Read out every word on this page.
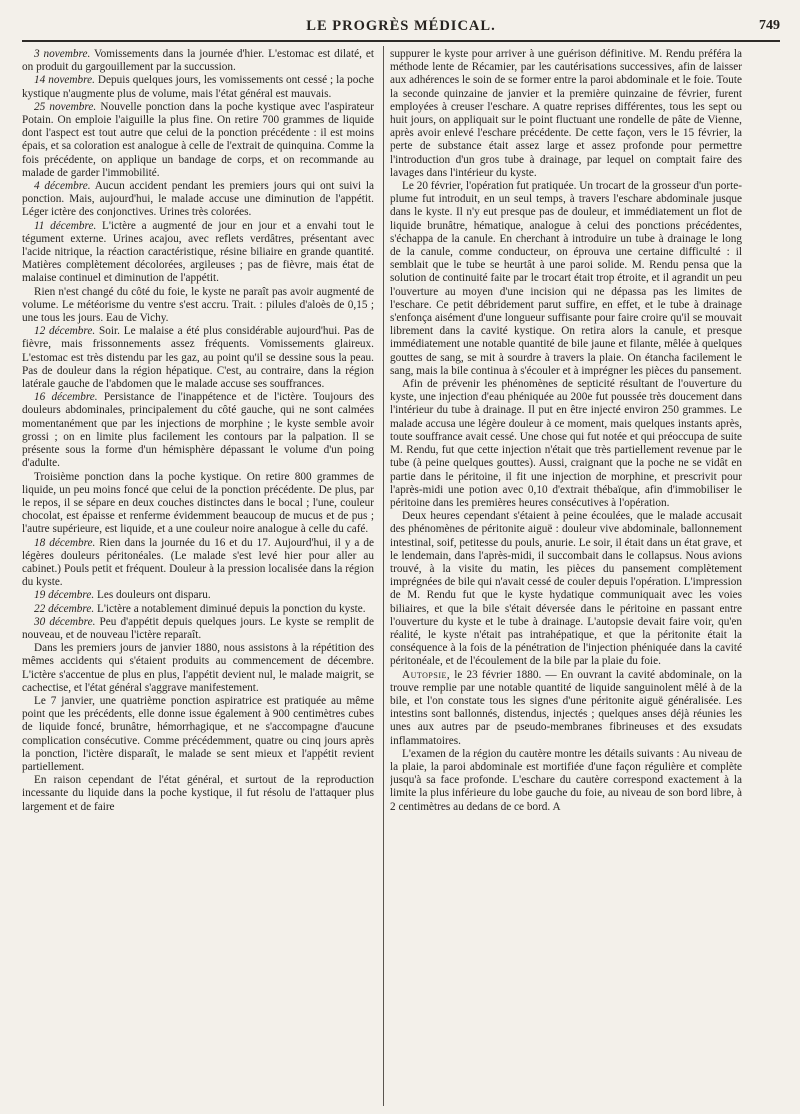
LE PROGRÈS MÉDICAL.	749

3 novembre. Vomissements dans la journée d'hier. L'estomac est dilaté, et on produit du gargouillement par la succussion.

14 novembre. Depuis quelques jours, les vomissements ont cessé ; la poche kystique n'augmente plus de volume, mais l'état général est mauvais.

25 novembre. Nouvelle ponction dans la poche kystique avec l'aspirateur Potain. On emploie l'aiguille la plus fine. On retire 700 grammes de liquide dont l'aspect est tout autre que celui de la ponction précédente : il est moins épais, et sa coloration est analogue à celle de l'extrait de quinquina. Comme la fois précédente, on applique un bandage de corps, et on recommande au malade de garder l'immobilité.

4 décembre. Aucun accident pendant les premiers jours qui ont suivi la ponction. Mais, aujourd'hui, le malade accuse une diminution de l'appétit. Léger ictère des conjonctives. Urines très colorées.

11 décembre. L'ictère a augmenté de jour en jour et a envahi tout le tégument externe. Urines acajou, avec reflets verdâtres, présentant avec l'acide nitrique, la réaction caractéristique, résine biliaire en grande quantité. Matières complètement décolorées, argileuses ; pas de fièvre, mais état de malaise continuel et diminution de l'appétit.

Rien n'est changé du côté du foie, le kyste ne paraît pas avoir augmenté de volume. Le météorisme du ventre s'est accru. Trait. : pilules d'aloès de 0,15 ; une tous les jours. Eau de Vichy.

12 décembre. Soir. Le malaise a été plus considérable aujourd'hui. Pas de fièvre, mais frissonnements assez fréquents. Vomissements glaireux. L'estomac est très distendu par les gaz, au point qu'il se dessine sous la peau. Pas de douleur dans la région hépatique. C'est, au contraire, dans la région latérale gauche de l'abdomen que le malade accuse ses souffrances.

16 décembre. Persistance de l'inappétence et de l'ictère. Toujours des douleurs abdominales, principalement du côté gauche, qui ne sont calmées momentanément que par les injections de morphine ; le kyste semble avoir grossi ; on en limite plus facilement les contours par la palpation. Il se présente sous la forme d'un hémisphère dépassant le volume d'un poing d'adulte.

Troisième ponction dans la poche kystique. On retire 800 grammes de liquide, un peu moins foncé que celui de la ponction précédente. De plus, par le repos, il se sépare en deux couches distinctes dans le bocal ; l'une, couleur chocolat, est épaisse et renferme évidemment beaucoup de mucus et de pus ; l'autre supérieure, est liquide, et a une couleur noire analogue à celle du café.

18 décembre. Rien dans la journée du 16 et du 17. Aujourd'hui, il y a de légères douleurs péritonéales. (Le malade s'est levé hier pour aller au cabinet.) Pouls petit et fréquent. Douleur à la pression localisée dans la région du kyste.

19 décembre. Les douleurs ont disparu.

22 décembre. L'ictère a notablement diminué depuis la ponction du kyste.

30 décembre. Peu d'appétit depuis quelques jours. Le kyste se remplit de nouveau, et de nouveau l'ictère reparaît.

Dans les premiers jours de janvier 1880, nous assistons à la répétition des mêmes accidents qui s'étaient produits au commencement de décembre. L'ictère s'accentue de plus en plus, l'appétit devient nul, le malade maigrit, se cachectise, et l'état général s'aggrave manifestement.

Le 7 janvier, une quatrième ponction aspiratrice est pratiquée au même point que les précédents, elle donne issue également à 900 centimètres cubes de liquide foncé, brunâtre, hémorrhagique, et ne s'accompagne d'aucune complication consécutive. Comme précédemment, quatre ou cinq jours après la ponction, l'ictère disparaît, le malade se sent mieux et l'appétit revient partiellement.

En raison cependant de l'état général, et surtout de la reproduction incessante du liquide dans la poche kystique, il fut résolu de l'attaquer plus largement et de faire

suppurer le kyste pour arriver à une guérison définitive. M. Rendu préféra la méthode lente de Récamier, par les cautérisations successives, afin de laisser aux adhérences le soin de se former entre la paroi abdominale et le foie. Toute la seconde quinzaine de janvier et la première quinzaine de février, furent employées à creuser l'eschare. A quatre reprises différentes, tous les sept ou huit jours, on appliquait sur le point fluctuant une rondelle de pâte de Vienne, après avoir enlevé l'eschare précédente. De cette façon, vers le 15 février, la perte de substance était assez large et assez profonde pour permettre l'introduction d'un gros tube à drainage, par lequel on comptait faire des lavages dans l'intérieur du kyste.

Le 20 février, l'opération fut pratiquée. Un trocart de la grosseur d'un porte-plume fut introduit, en un seul temps, à travers l'eschare abdominale jusque dans le kyste. Il n'y eut presque pas de douleur, et immédiatement un flot de liquide brunâtre, hématique, analogue à celui des ponctions précédentes, s'échappa de la canule. En cherchant à introduire un tube à drainage le long de la canule, comme conducteur, on éprouva une certaine difficulté : il semblait que le tube se heurtât à une paroi solide. M. Rendu pensa que la solution de continuité faite par le trocart était trop étroite, et il agrandit un peu l'ouverture au moyen d'une incision qui ne dépassa pas les limites de l'eschare. Ce petit débridement parut suffire, en effet, et le tube à drainage s'enfonça aisément d'une longueur suffisante pour faire croire qu'il se mouvait librement dans la cavité kystique. On retira alors la canule, et presque immédiatement une notable quantité de bile jaune et filante, mêlée à quelques gouttes de sang, se mit à sourdre à travers la plaie. On étancha facilement le sang, mais la bile continua à s'écouler et à imprégner les pièces du pansement.

Afin de prévenir les phénomènes de septicité résultant de l'ouverture du kyste, une injection d'eau phéniquée au 200e fut poussée très doucement dans l'intérieur du tube à drainage. Il put en être injecté environ 250 grammes. Le malade accusa une légère douleur à ce moment, mais quelques instants après, toute souffrance avait cessé. Une chose qui fut notée et qui préoccupa de suite M. Rendu, fut que cette injection n'était que très partiellement revenue par le tube (à peine quelques gouttes). Aussi, craignant que la poche ne se vidât en partie dans le péritoine, il fit une injection de morphine, et prescrivit pour l'après-midi une potion avec 0,10 d'extrait thébaïque, afin d'immobiliser le péritoine dans les premières heures consécutives à l'opération.

Deux heures cependant s'étaient à peine écoulées, que le malade accusait des phénomènes de péritonite aiguë : douleur vive abdominale, ballonnement intestinal, soif, petitesse du pouls, anurie. Le soir, il était dans un état grave, et le lendemain, dans l'après-midi, il succombait dans le collapsus. Nous avions trouvé, à la visite du matin, les pièces du pansement complètement imprégnées de bile qui n'avait cessé de couler depuis l'opération. L'impression de M. Rendu fut que le kyste hydatique communiquait avec les voies biliaires, et que la bile s'était déversée dans le péritoine en passant entre l'ouverture du kyste et le tube à drainage. L'autopsie devait faire voir, qu'en réalité, le kyste n'était pas intrahépatique, et que la péritonite était la conséquence à la fois de la pénétration de l'injection phéniquée dans la cavité péritonéale, et de l'écoulement de la bile par la plaie du foie.

Autopsie, le 23 février 1880. — En ouvrant la cavité abdominale, on la trouve remplie par une notable quantité de liquide sanguinolent mêlé à de la bile, et l'on constate tous les signes d'une péritonite aiguë généralisée. Les intestins sont ballonnés, distendus, injectés ; quelques anses déjà réunies les unes aux autres par de pseudo-membranes fibrineuses et des exsudats inflammatoires.

L'examen de la région du cautère montre les détails suivants : Au niveau de la plaie, la paroi abdominale est mortifiée d'une façon régulière et complète jusqu'à sa face profonde. L'eschare du cautère correspond exactement à la limite la plus inférieure du lobe gauche du foie, au niveau de son bord libre, à 2 centimètres au dedans de ce bord. A
